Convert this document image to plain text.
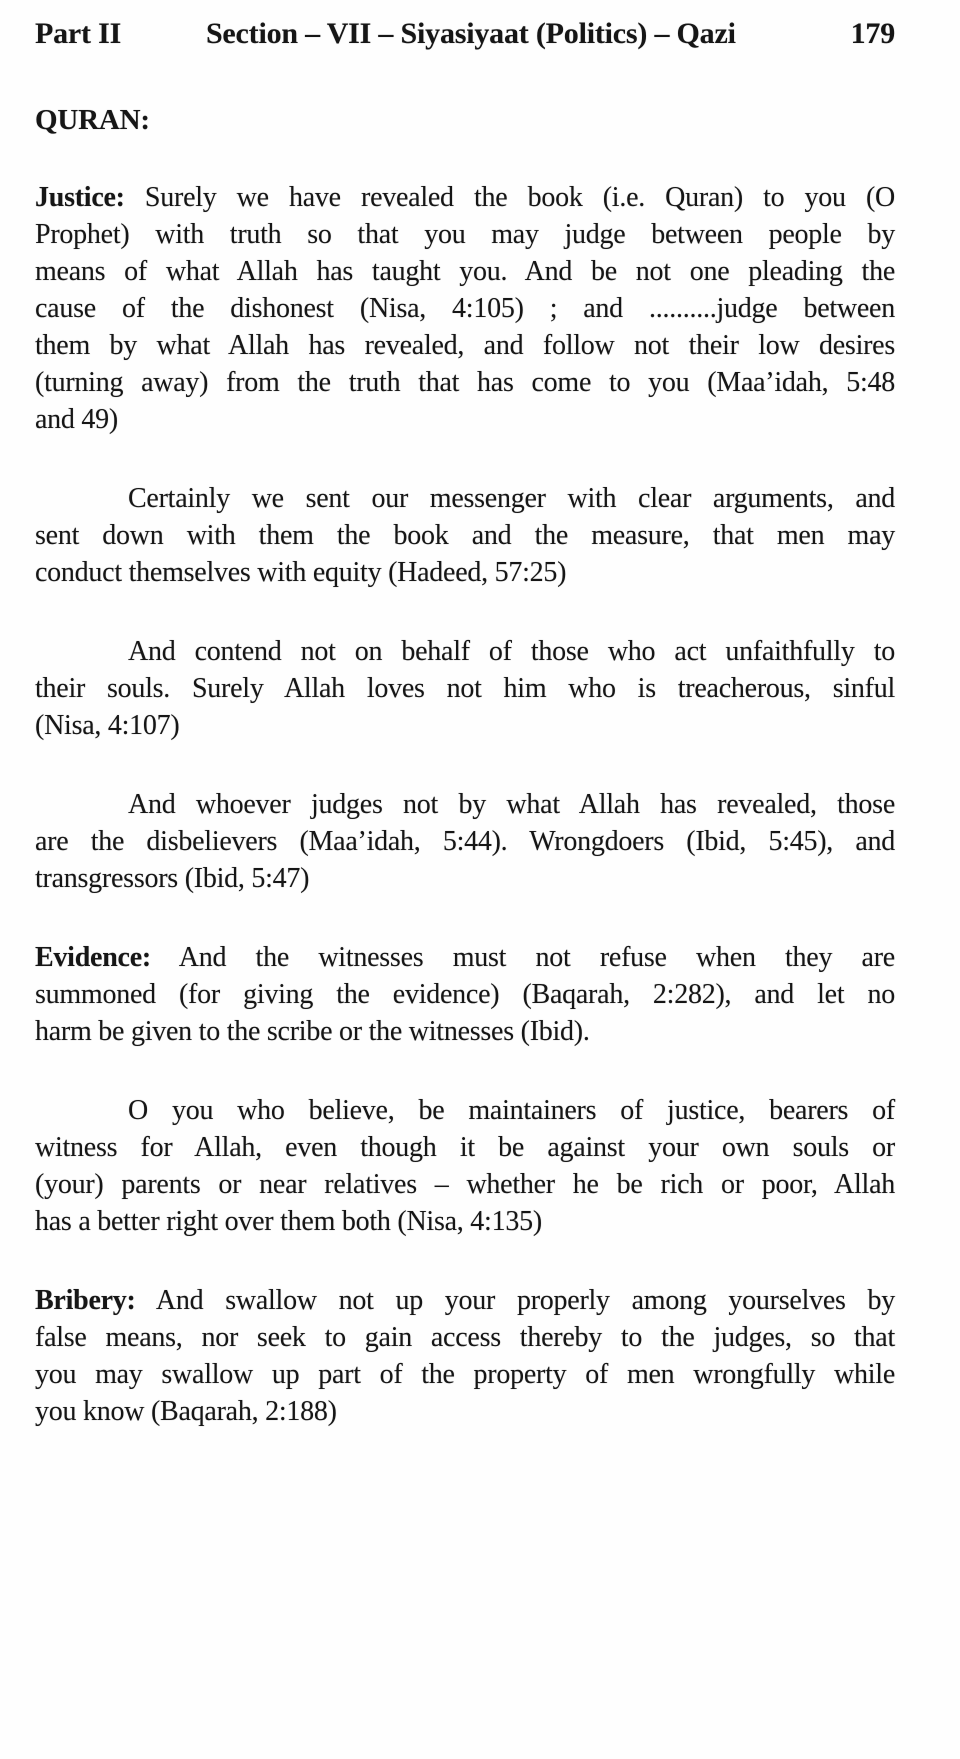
Part II	Section – VII – Siyasiyaat (Politics) – Qazi	179
QURAN:
Justice: Surely we have revealed the book (i.e. Quran) to you (O
Prophet) with truth so that you may judge between people by
means of what Allah has taught you. And be not one pleading the
cause of the dishonest (Nisa, 4:105) ; and ..........judge between
them by what Allah has revealed, and follow not their low desires
(turning away) from the truth that has come to you (Maa’idah, 5:48
and 49)
Certainly we sent our messenger with clear arguments, and
sent down with them the book and the measure, that men may
conduct themselves with equity (Hadeed, 57:25)
And contend not on behalf of those who act unfaithfully to
their souls. Surely Allah loves not him who is treacherous, sinful
(Nisa, 4:107)
And whoever judges not by what Allah has revealed, those
are the disbelievers (Maa’idah, 5:44). Wrongdoers (Ibid, 5:45), and
transgressors (Ibid, 5:47)
Evidence: And the witnesses must not refuse when they are
summoned (for giving the evidence) (Baqarah, 2:282), and let no
harm be given to the scribe or the witnesses (Ibid).
O you who believe, be maintainers of justice, bearers of
witness for Allah, even though it be against your own souls or
(your) parents or near relatives – whether he be rich or poor, Allah
has a better right over them both (Nisa, 4:135)
Bribery: And swallow not up your properly among yourselves by
false means, nor seek to gain access thereby to the judges, so that
you may swallow up part of the property of men wrongfully while
you know (Baqarah, 2:188)
